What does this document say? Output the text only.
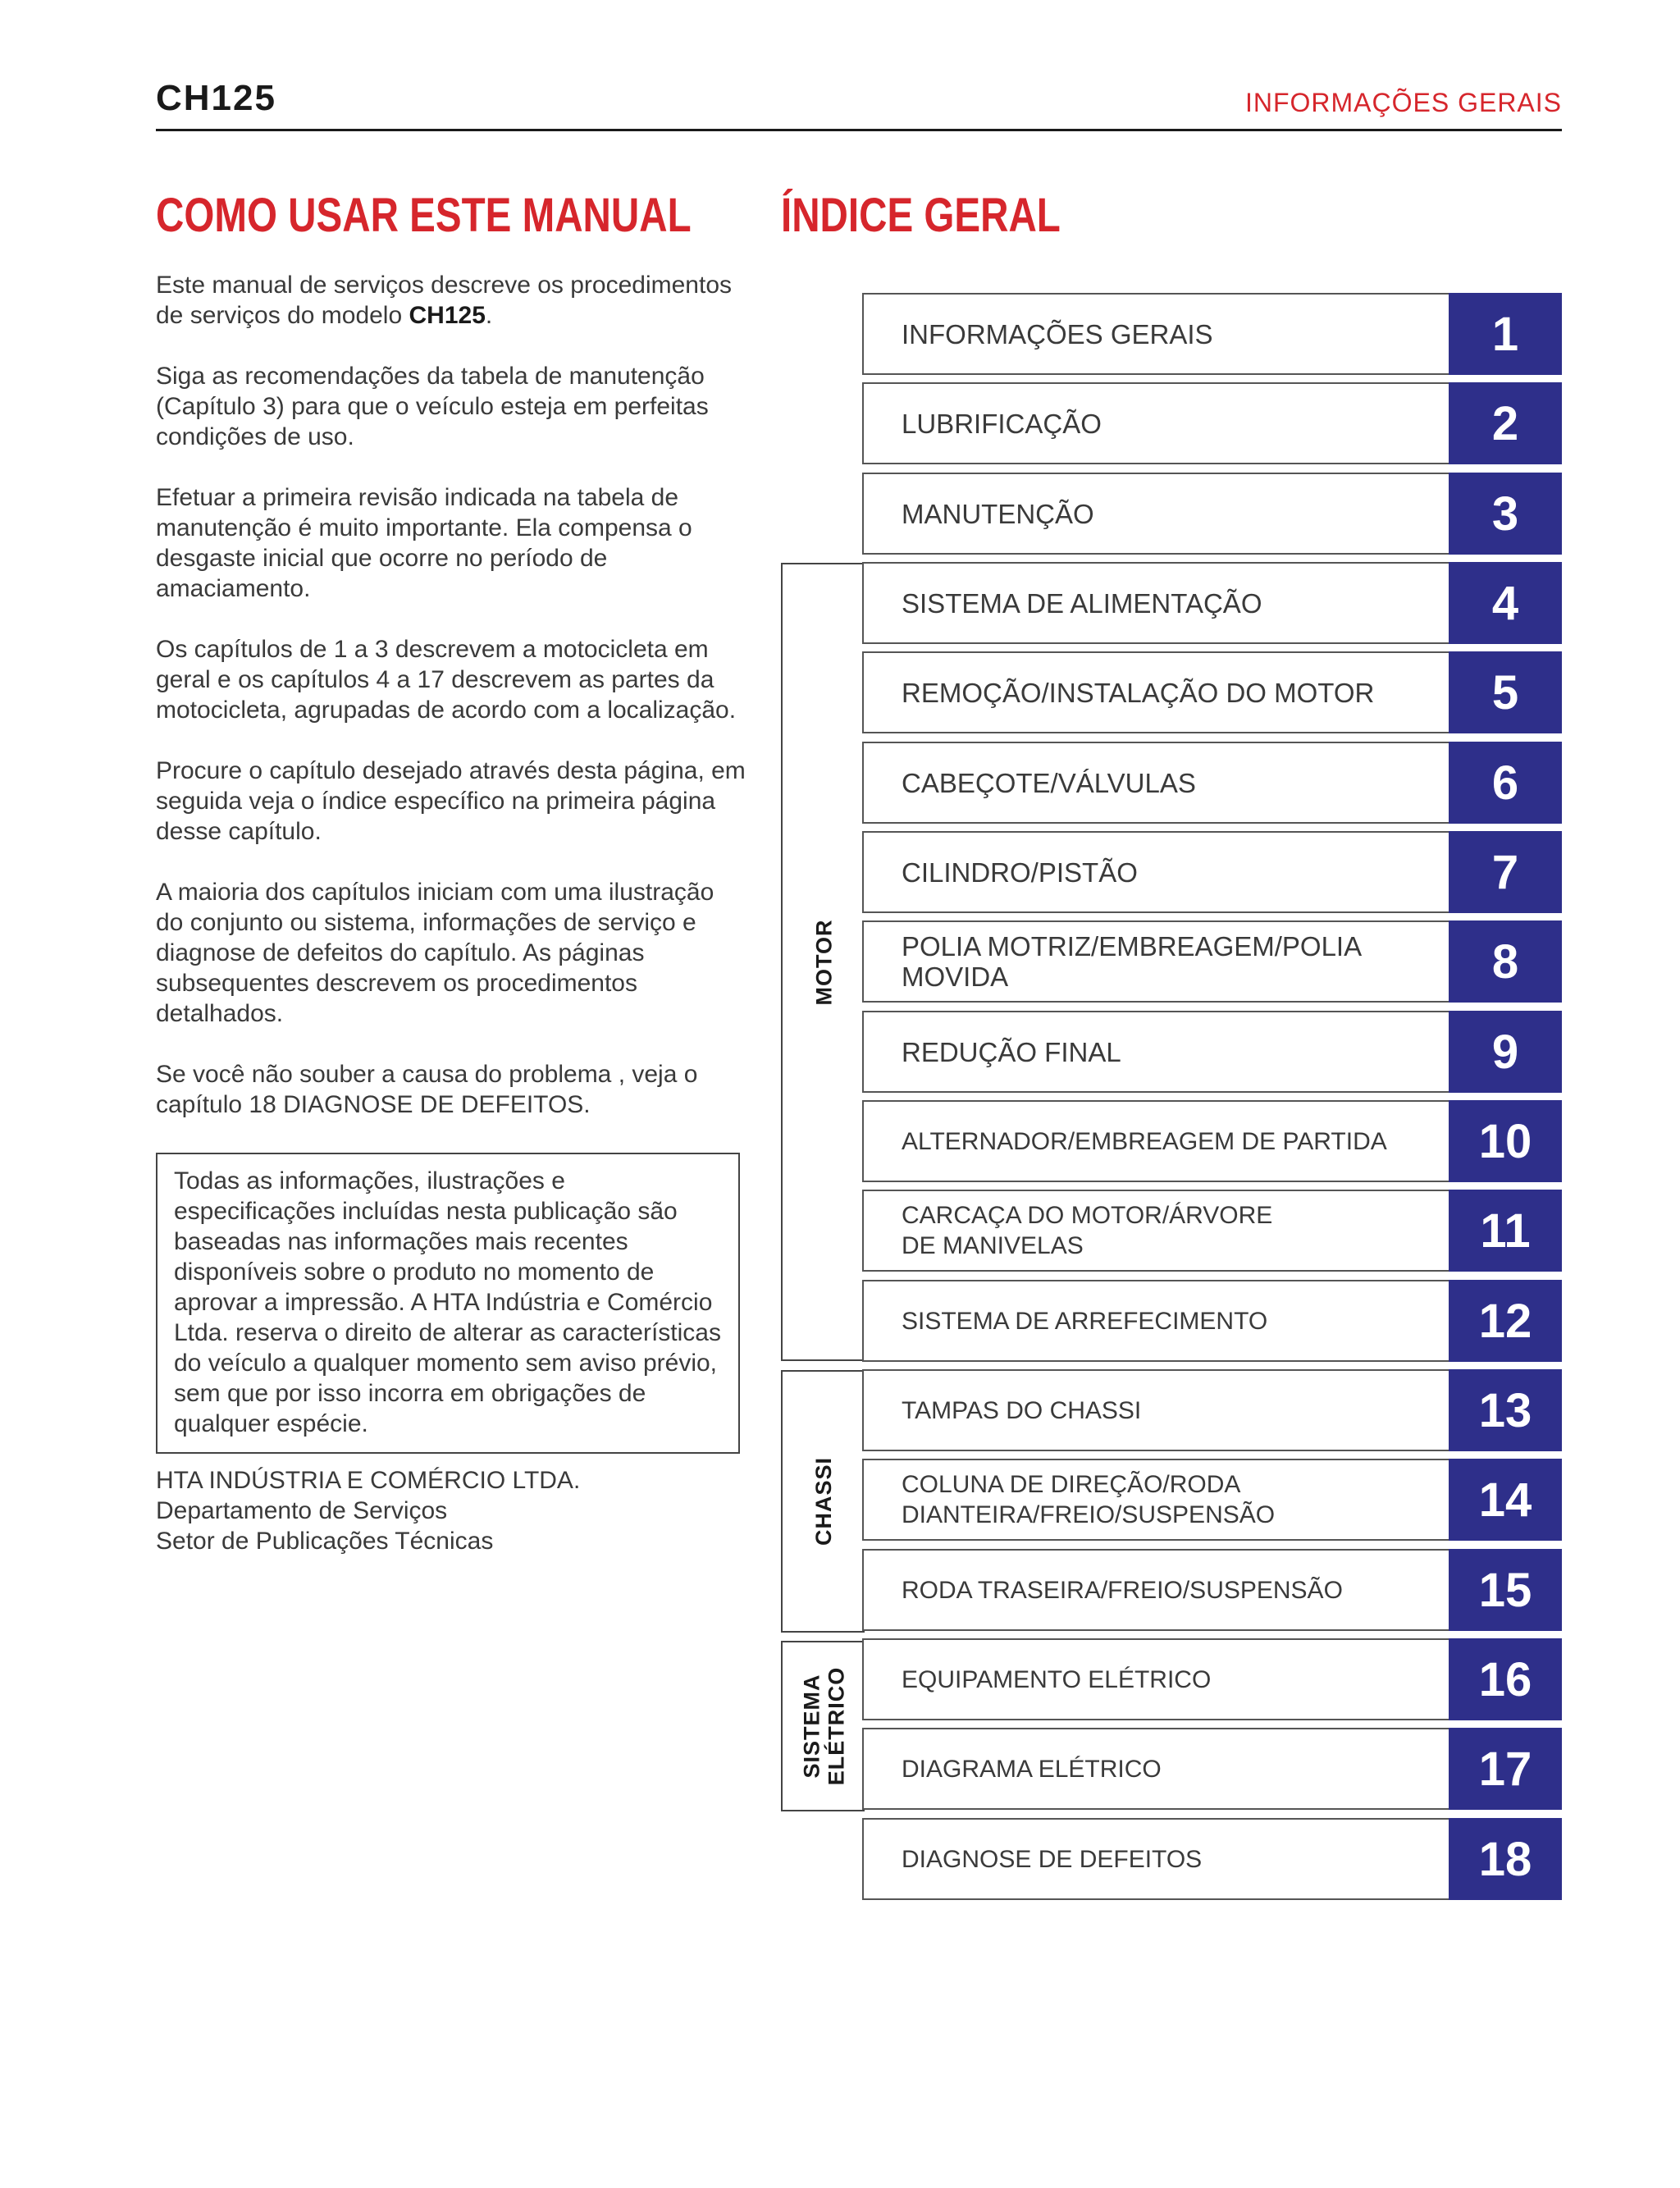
CH125	INFORMAÇÕES GERAIS
COMO USAR ESTE MANUAL

Este manual de serviços descreve os procedimentos de serviços do modelo CH125.

Siga as recomendações da tabela de manutenção (Capítulo 3) para que o veículo esteja em perfeitas condições de uso.

Efetuar a primeira revisão indicada na tabela de manutenção é muito importante. Ela compensa o desgaste inicial que ocorre no período de amaciamento.

Os capítulos de 1 a 3 descrevem a motocicleta em geral e os capítulos 4 a 17 descrevem as partes da motocicleta, agrupadas de acordo com a localização.

Procure o capítulo desejado através desta página, em seguida veja o índice específico na primeira página desse capítulo.

A maioria dos capítulos iniciam com uma ilustração do conjunto ou sistema, informações de serviço e diagnose de defeitos do capítulo. As páginas subsequentes descrevem os procedimentos detalhados.

Se você não souber a causa do problema , veja o capítulo 18 DIAGNOSE DE DEFEITOS.

Todas as informações, ilustrações e especificações incluídas nesta publicação são baseadas nas informações mais recentes disponíveis sobre o produto no momento de aprovar a impressão. A HTA Indústria e Comércio Ltda. reserva o direito de alterar as características do veículo a qualquer momento sem aviso prévio, sem que por isso incorra em obrigações de qualquer espécie.
HTA INDÚSTRIA E COMÉRCIO LTDA.
Departamento de Serviços
Setor de Publicações Técnicas
ÍNDICE GERAL
MOTOR
CHASSI
SISTEMA ELÉTRICO
INFORMAÇÕES GERAIS	1
LUBRIFICAÇÃO	2
MANUTENÇÃO	3
SISTEMA DE ALIMENTAÇÃO	4
REMOÇÃO/INSTALAÇÃO DO MOTOR	5
CABEÇOTE/VÁLVULAS	6
CILINDRO/PISTÃO	7
POLIA MOTRIZ/EMBREAGEM/POLIA MOVIDA	8
REDUÇÃO FINAL	9
ALTERNADOR/EMBREAGEM DE PARTIDA	10
CARCAÇA DO MOTOR/ÁRVORE
DE MANIVELAS	11
SISTEMA DE ARREFECIMENTO	12
TAMPAS DO CHASSI	13
COLUNA DE DIREÇÃO/RODA
DIANTEIRA/FREIO/SUSPENSÃO	14
RODA TRASEIRA/FREIO/SUSPENSÃO	15
EQUIPAMENTO ELÉTRICO	16
DIAGRAMA ELÉTRICO	17
DIAGNOSE DE DEFEITOS	18
